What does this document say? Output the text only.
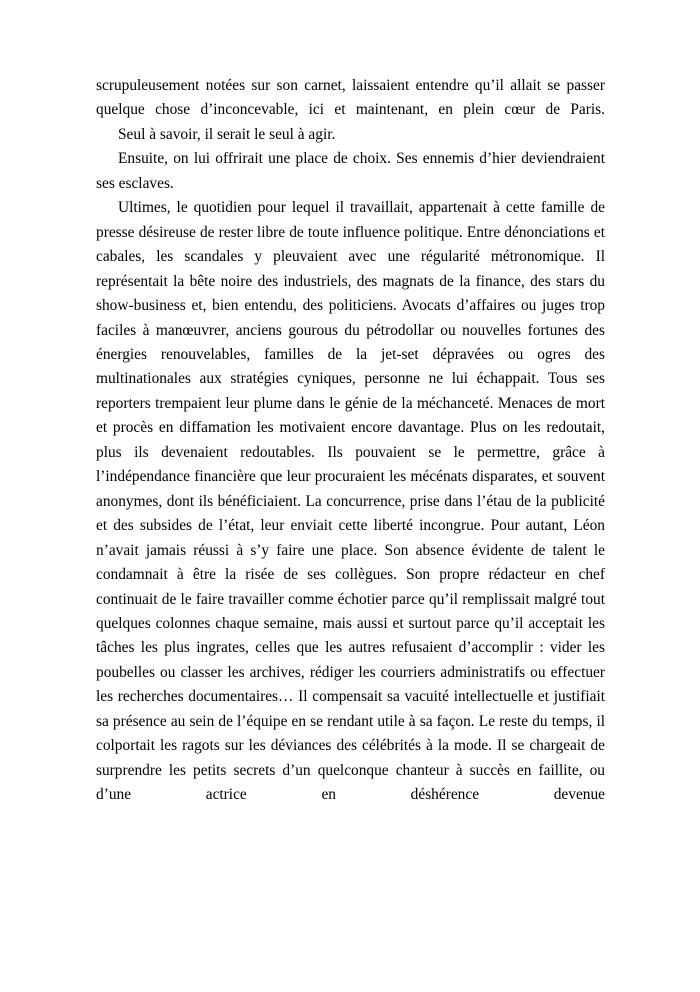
scrupuleusement notées sur son carnet, laissaient entendre qu’il allait se passer quelque chose d’inconcevable, ici et maintenant, en plein cœur de Paris.

Seul à savoir, il serait le seul à agir.

Ensuite, on lui offrirait une place de choix. Ses ennemis d’hier deviendraient ses esclaves.

Ultimes, le quotidien pour lequel il travaillait, appartenait à cette famille de presse désireuse de rester libre de toute influence politique. Entre dénonciations et cabales, les scandales y pleuvaient avec une régularité métronomique. Il représentait la bête noire des industriels, des magnats de la finance, des stars du show-business et, bien entendu, des politiciens. Avocats d’affaires ou juges trop faciles à manœuvrer, anciens gourous du pétrodollar ou nouvelles fortunes des énergies renouvelables, familles de la jet-set dépravées ou ogres des multinationales aux stratégies cyniques, personne ne lui échappait. Tous ses reporters trempaient leur plume dans le génie de la méchanceté. Menaces de mort et procès en diffamation les motivaient encore davantage. Plus on les redoutait, plus ils devenaient redoutables. Ils pouvaient se le permettre, grâce à l’indépendance financière que leur procuraient les mécénats disparates, et souvent anonymes, dont ils bénéficiaient. La concurrence, prise dans l’étau de la publicité et des subsides de l’état, leur enviait cette liberté incongrue. Pour autant, Léon n’avait jamais réussi à s’y faire une place. Son absence évidente de talent le condamnait à être la risée de ses collègues. Son propre rédacteur en chef continuait de le faire travailler comme échotier parce qu’il remplissait malgré tout quelques colonnes chaque semaine, mais aussi et surtout parce qu’il acceptait les tâches les plus ingrates, celles que les autres refusaient d’accomplir : vider les poubelles ou classer les archives, rédiger les courriers administratifs ou effectuer les recherches documentaires… Il compensait sa vacuité intellectuelle et justifiait sa présence au sein de l’équipe en se rendant utile à sa façon. Le reste du temps, il colportait les ragots sur les déviances des célébrités à la mode. Il se chargeait de surprendre les petits secrets d’un quelconque chanteur à succès en faillite, ou d’une actrice en déshérence devenue
